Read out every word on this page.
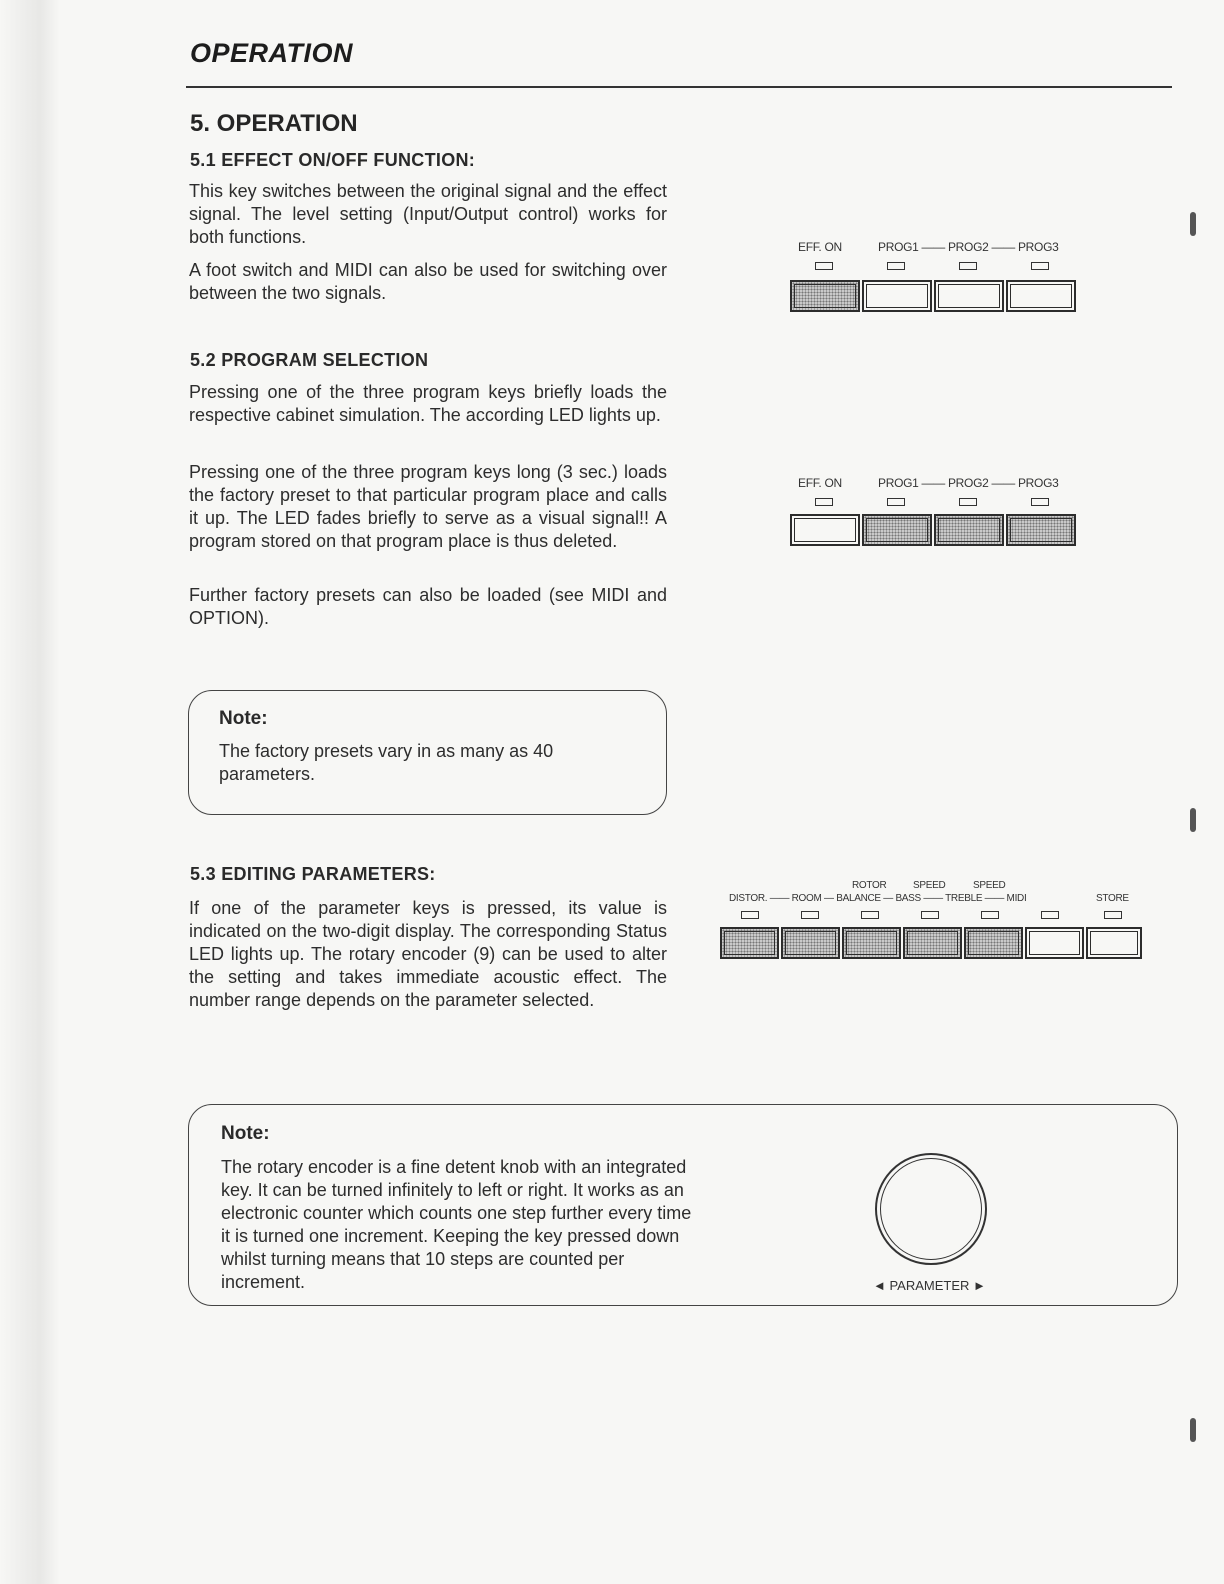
OPERATION
5. OPERATION
5.1 EFFECT ON/OFF FUNCTION:
This key switches between the original signal and the effect signal. The level setting (Input/Output control) works for both functions.
A foot switch and MIDI can also be used for switching over between the two signals.
EFF. ON	PROG1 —— PROG2 —— PROG3
5.2 PROGRAM SELECTION
Pressing one of the three program keys briefly loads the respective cabinet simulation. The according LED lights up.
Pressing one of the three program keys long (3 sec.) loads the factory preset to that particular program place and calls it up. The LED fades briefly to serve as a visual signal!! A program stored on that program place is thus deleted.
Further factory presets can also be loaded (see MIDI and OPTION).
EFF. ON	PROG1 —— PROG2 —— PROG3
Note:
The factory presets vary in as many as 40 parameters.
5.3 EDITING PARAMETERS:
If one of the parameter keys is pressed, its value is indicated on the two-digit display. The corresponding Status LED lights up. The rotary encoder (9) can be used to alter the setting and takes immediate acoustic effect. The number range depends on the parameter selected.
ROTOR	SPEED	SPEED
DISTOR. —— ROOM — BALANCE — BASS —— TREBLE —— MIDI	STORE
Note:
The rotary encoder is a fine detent knob with an integrated key. It can be turned infinitely to left or right. It works as an electronic counter which counts one step further every time it is turned one increment. Keeping the key pressed down whilst turning means that 10 steps are counted per increment.	◄ PARAMETER ►
